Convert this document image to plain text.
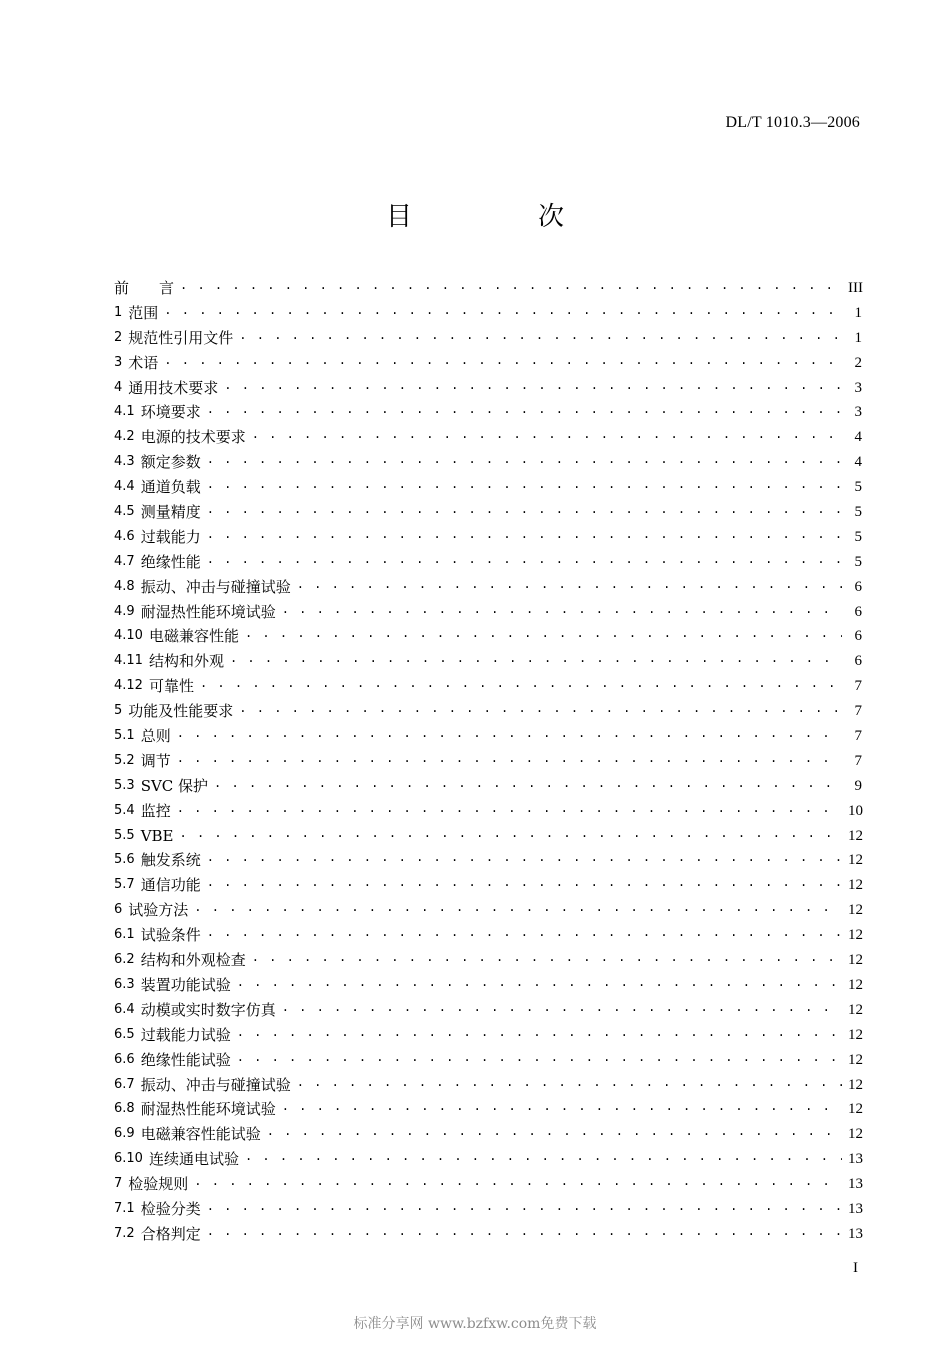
DL/T 1010.3—2006
目　次
前　　言 . . .	III
1 范围 . . .	1
2 规范性引用文件 . . .	1
3 术语 . . .	2
4 通用技术要求 . . .	3
4.1 环境要求 . . .	3
4.2 电源的技术要求 . . .	4
4.3 额定参数 . . .	4
4.4 通道负载 . . .	5
4.5 测量精度 . . .	5
4.6 过载能力 . . .	5
4.7 绝缘性能 . . .	5
4.8 振动、冲击与碰撞试验 . . .	6
4.9 耐湿热性能环境试验 . . .	6
4.10 电磁兼容性能 . . .	6
4.11 结构和外观 . . .	6
4.12 可靠性 . . .	7
5 功能及性能要求 . . .	7
5.1 总则 . . .	7
5.2 调节 . . .	7
5.3 SVC 保护 . . .	9
5.4 监控 . . .	10
5.5 VBE . . .	12
5.6 触发系统 . . .	12
5.7 通信功能 . . .	12
6 试验方法 . . .	12
6.1 试验条件 . . .	12
6.2 结构和外观检查 . . .	12
6.3 装置功能试验 . . .	12
6.4 动模或实时数字仿真 . . .	12
6.5 过载能力试验 . . .	12
6.6 绝缘性能试验 . . .	12
6.7 振动、冲击与碰撞试验 . . .	12
6.8 耐湿热性能环境试验 . . .	12
6.9 电磁兼容性能试验 . . .	12
6.10 连续通电试验 . . .	13
7 检验规则 . . .	13
7.1 检验分类 . . .	13
7.2 合格判定 . . .	13
I
标准分享网 www.bzfxw.com免费下载
